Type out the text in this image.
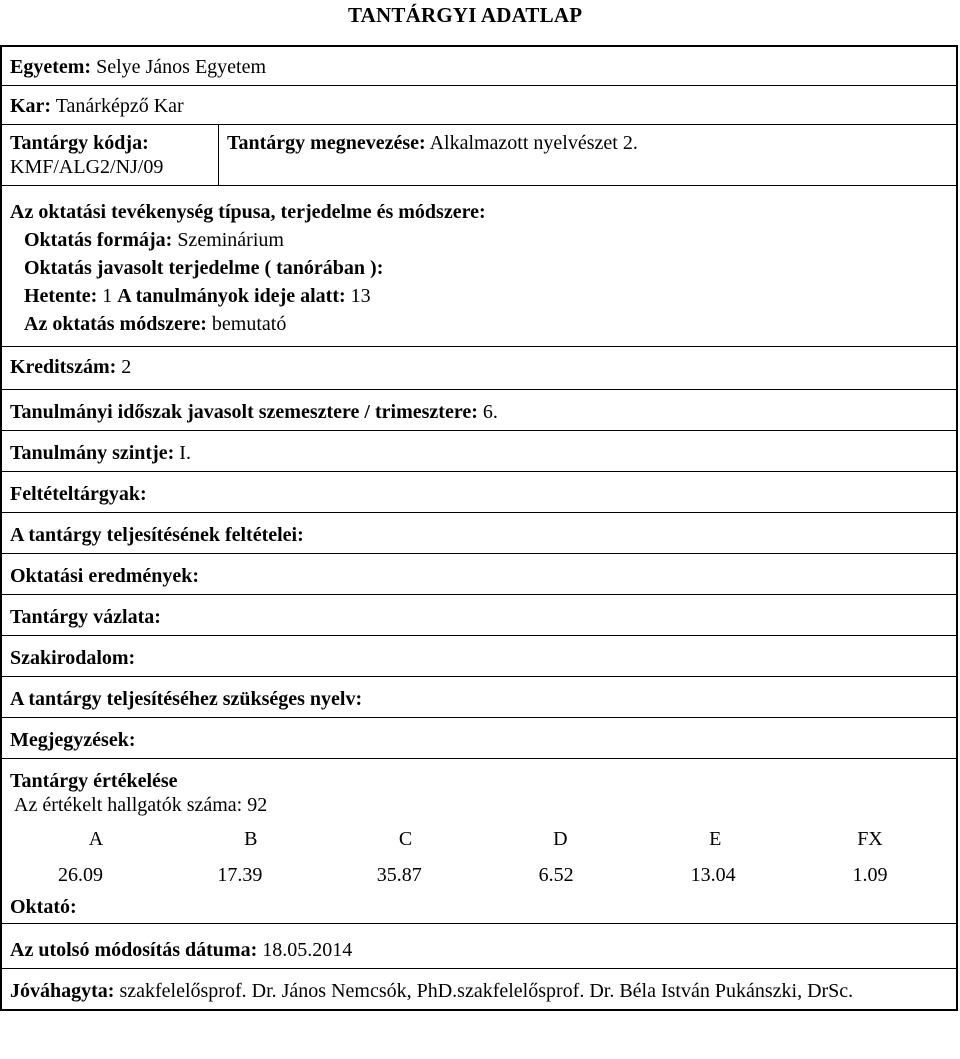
TANTÁRGYI ADATLAP
Egyetem: Selye János Egyetem
Kar: Tanárképző Kar
Tantárgy kódja:
KMF/ALG2/NJ/09
Tantárgy megnevezése: Alkalmazott nyelvészet 2.
Az oktatási tevékenység típusa, terjedelme és módszere:
Oktatás formája: Szeminárium
Oktatás javasolt terjedelme ( tanórában ):
Hetente: 1 A tanulmányok ideje alatt: 13
Az oktatás módszere: bemutató
Kreditszám: 2
Tanulmányi időszak javasolt szemesztere / trimesztere: 6.
Tanulmány szintje: I.
Feltételtárgyak:
A tantárgy teljesítésének feltételei:
Oktatási eredmények:
Tantárgy vázlata:
Szakirodalom:
A tantárgy teljesítéséhez szükséges nyelv:
Megjegyzések:
Tantárgy értékelése
Az értékelt hallgatók száma: 92
A	B	C	D	E	FX
26.09	17.39	35.87	6.52	13.04	1.09
Oktató:
Az utolsó módosítás dátuma: 18.05.2014
Jóváhagyta: szakfelelősprof. Dr. János Nemcsók, PhD.szakfelelősprof. Dr. Béla István Pukánszki, DrSc.
